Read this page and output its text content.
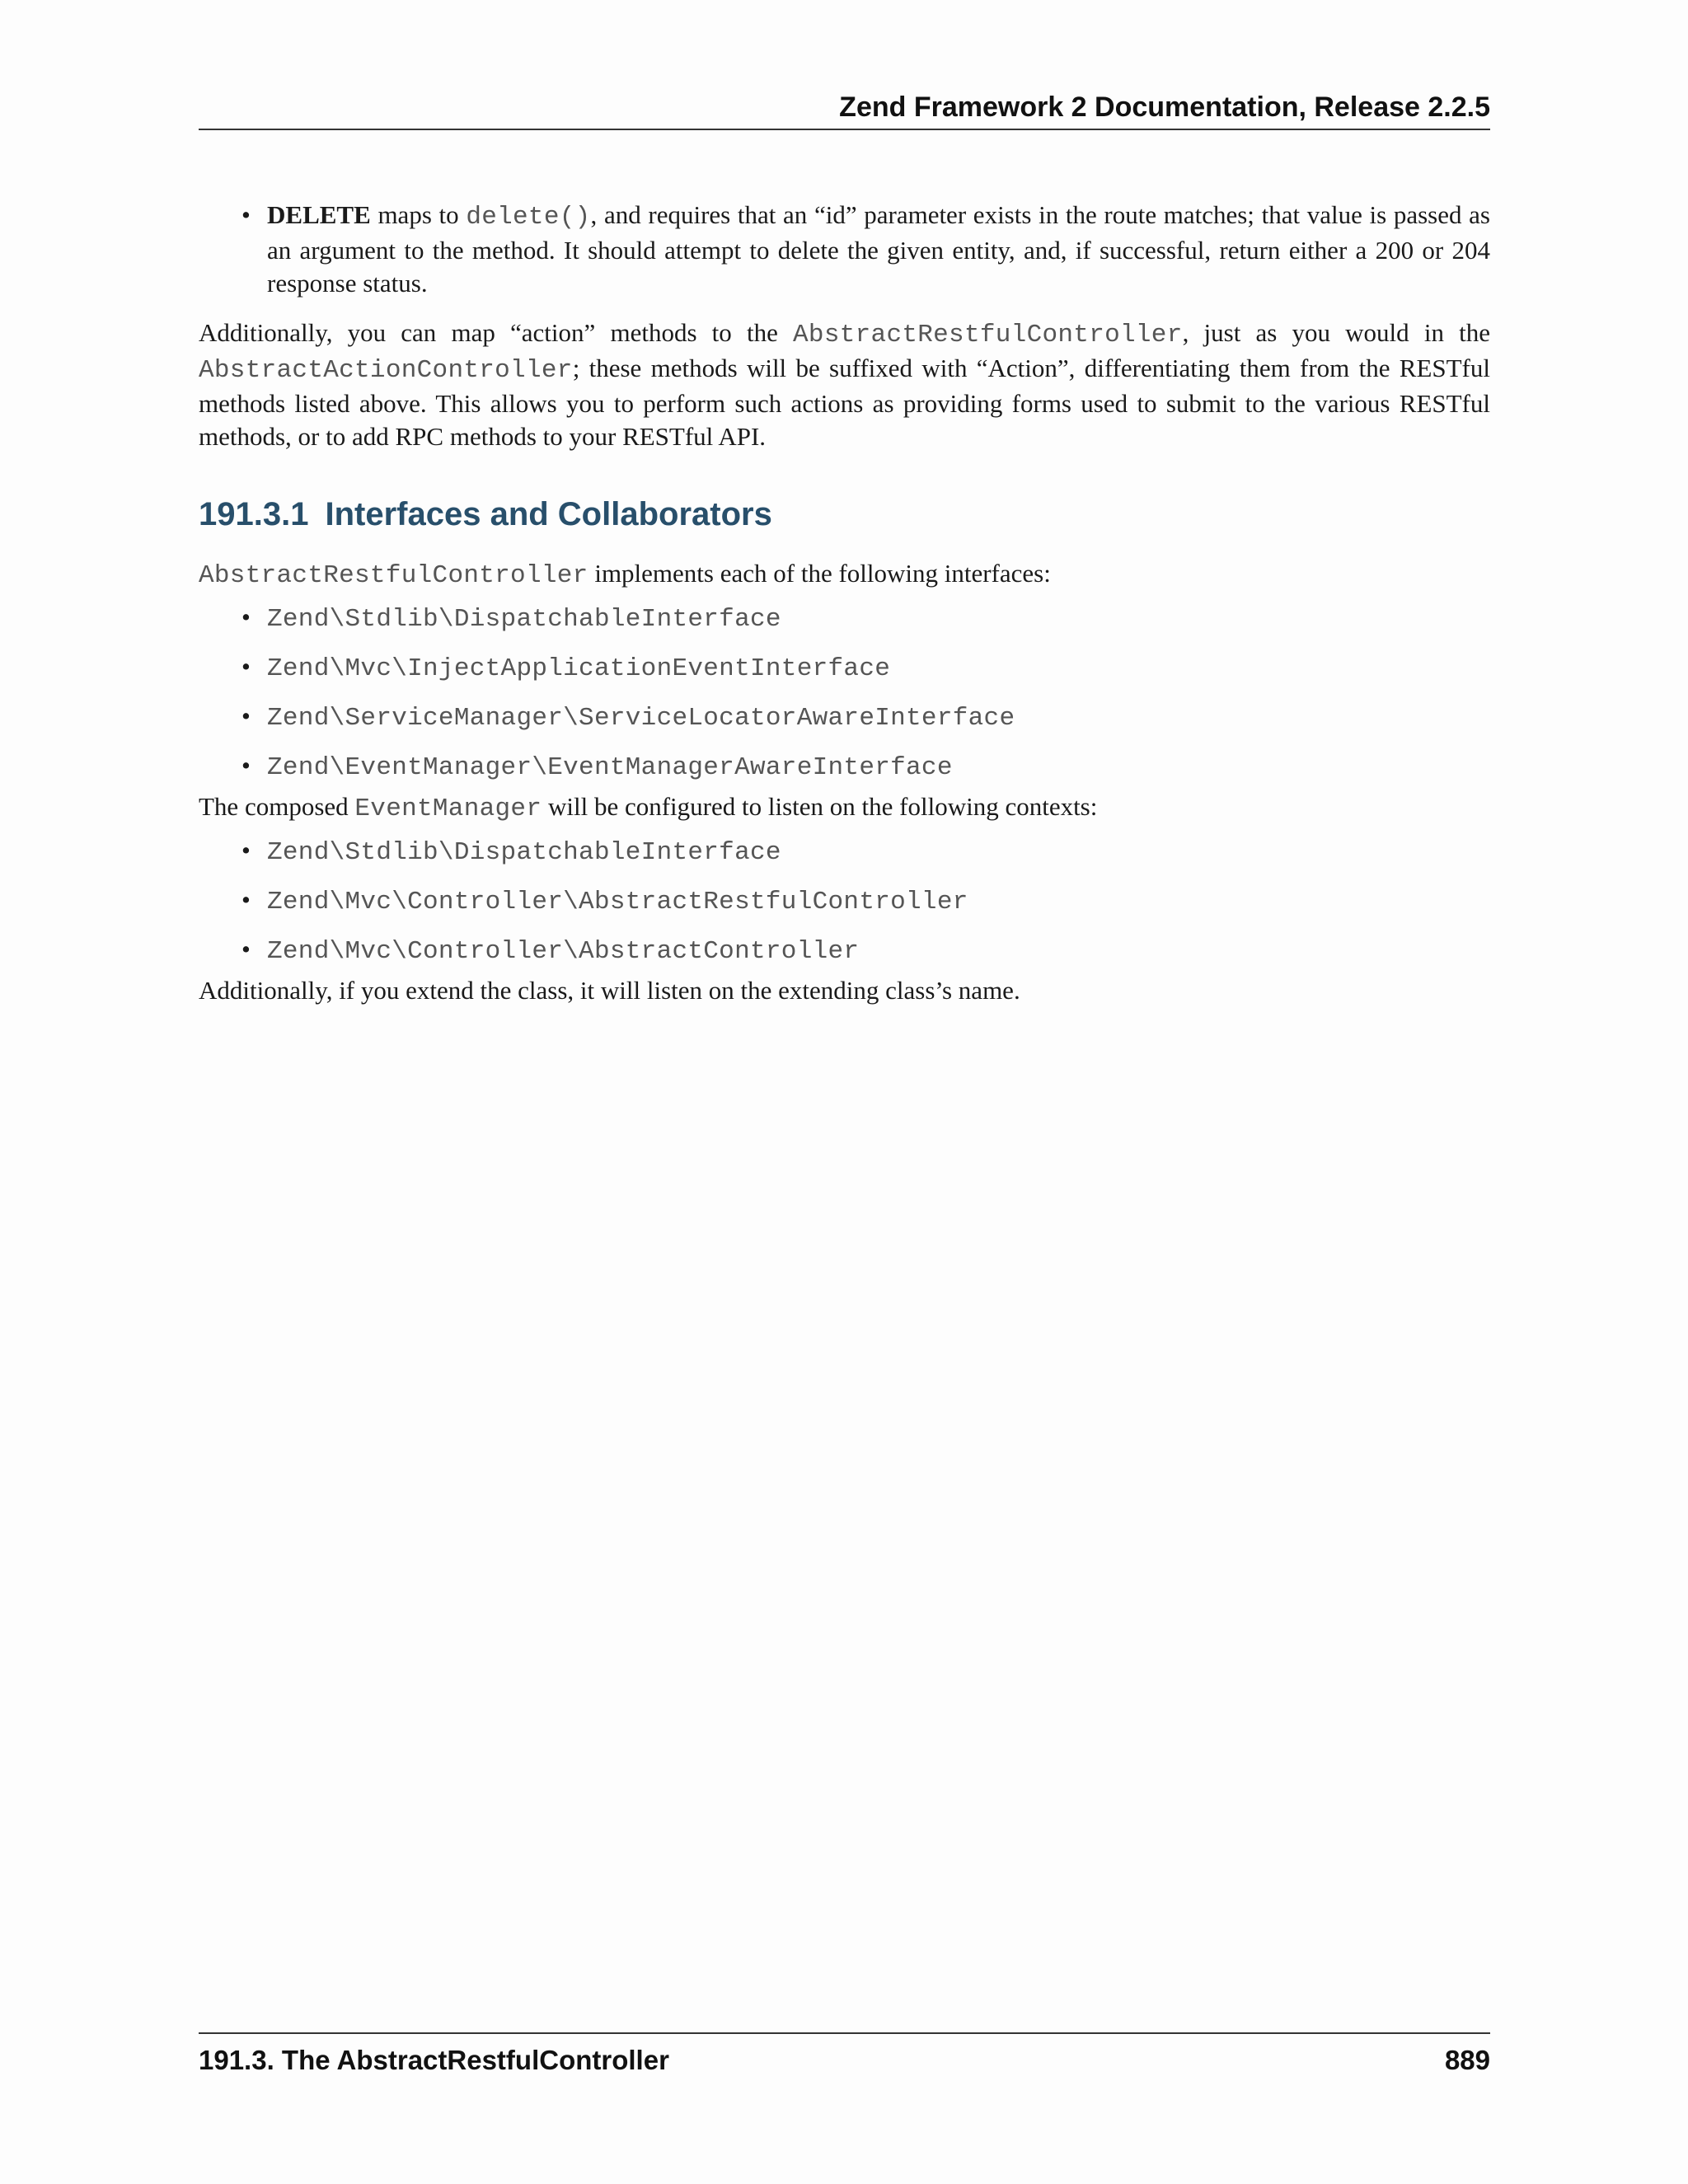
Zend Framework 2 Documentation, Release 2.2.5
• DELETE maps to delete(), and requires that an “id” parameter exists in the route matches; that value is passed as an argument to the method. It should attempt to delete the given entity, and, if successful, return either a 200 or 204 response status.

Additionally, you can map “action” methods to the AbstractRestfulController, just as you would in the AbstractActionController; these methods will be suffixed with “Action”, differentiating them from the RESTful methods listed above. This allows you to perform such actions as providing forms used to submit to the various RESTful methods, or to add RPC methods to your RESTful API.

191.3.1 Interfaces and Collaborators

AbstractRestfulController implements each of the following interfaces:

• Zend\Stdlib\DispatchableInterface
• Zend\Mvc\InjectApplicationEventInterface
• Zend\ServiceManager\ServiceLocatorAwareInterface
• Zend\EventManager\EventManagerAwareInterface

The composed EventManager will be configured to listen on the following contexts:

• Zend\Stdlib\DispatchableInterface
• Zend\Mvc\Controller\AbstractRestfulController
• Zend\Mvc\Controller\AbstractController

Additionally, if you extend the class, it will listen on the extending class’s name.

191.3. The AbstractRestfulController	889
